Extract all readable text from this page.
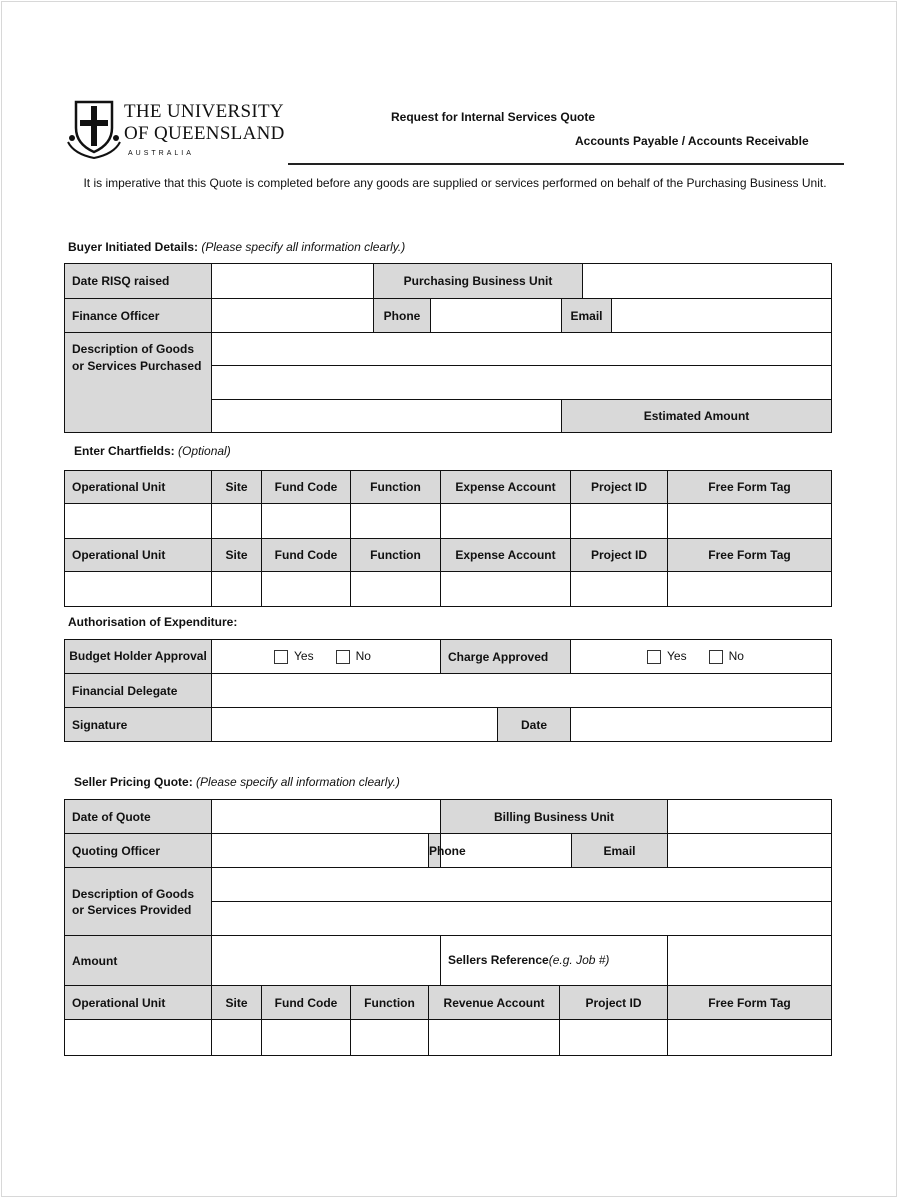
THE UNIVERSITY
OF QUEENSLAND
AUSTRALIA
Request for Internal Services Quote
Accounts Payable / Accounts Receivable
It is imperative that this Quote is completed before any goods are supplied or services performed on behalf of the Purchasing Business Unit.
Buyer Initiated Details: (Please specify all information clearly.)
Date RISQ raised		Purchasing Business Unit					
Finance Officer		Phone		Email			
Description of Goods or Services Purchased							

				Estimated Amount			
Enter Chartfields: (Optional)
Operational Unit	Site	Fund Code	Function	Expense Account	Project ID	Free Form Tag

Operational Unit	Site	Fund Code	Function	Expense Account	Project ID	Free Form Tag

Authorisation of Expenditure:
Budget Holder Approval	Yes No	Charge Approved		Yes No
Financial Delegate				
Signature			Date	
Seller Pricing Quote: (Please specify all information clearly.)
Date of Quote					Billing Business Unit			
Quoting Officer				Phone			Email	
Description of Goods or Services Provided								

Amount					Sellers Reference(e.g. Job #)			
Operational Unit	Site	Fund Code	Function	Revenue Account		Project ID		Free Form Tag
